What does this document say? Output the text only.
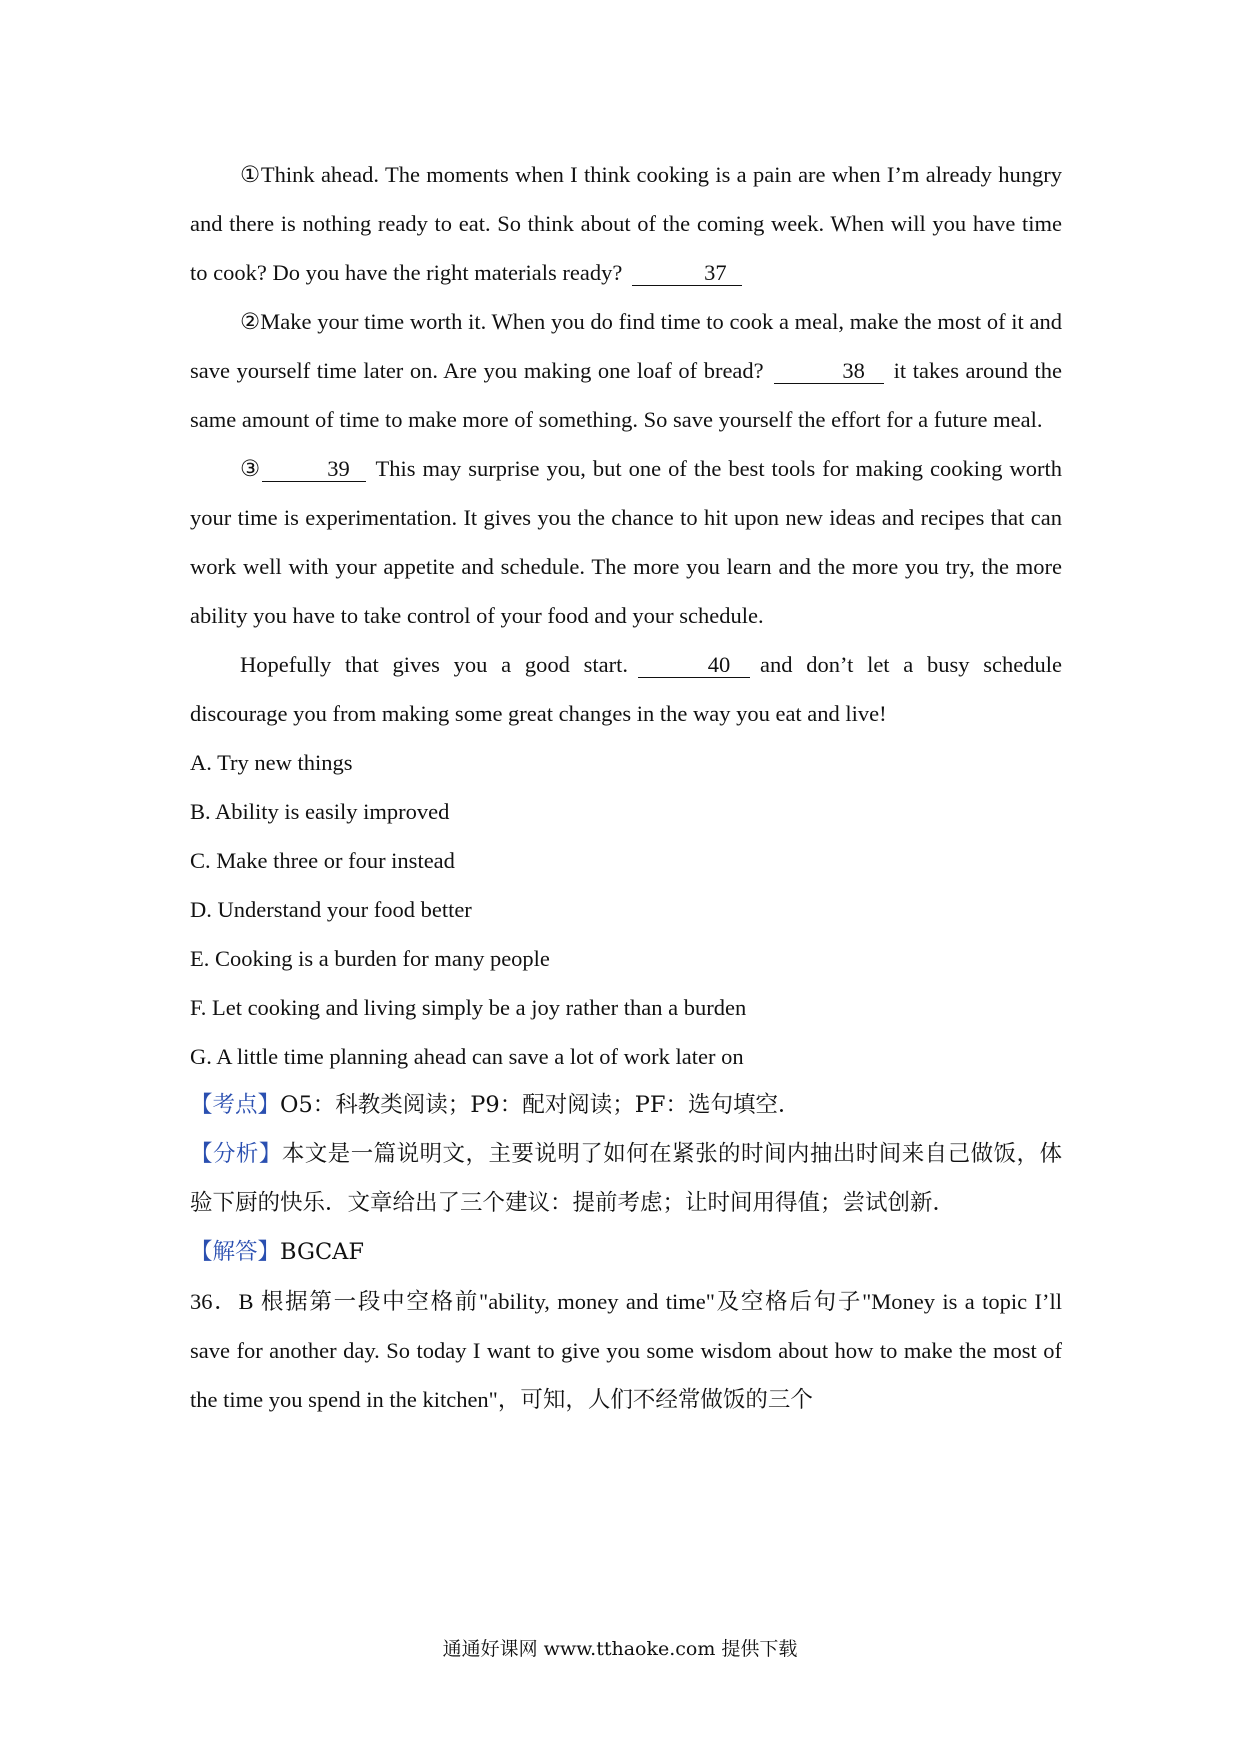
①Think ahead. The moments when I think cooking is a pain are when I’m already hungry and there is nothing ready to eat. So think about of the coming week. When will you have time to cook? Do you have the right materials ready?	37

②Make your time worth it. When you do find time to cook a meal, make the most of it and save yourself time later on. Are you making one loaf of bread?	38 it takes around the same amount of time to make more of something. So save yourself the effort for a future meal.

③	39 This may surprise you, but one of the best tools for making cooking worth your time is experimentation. It gives you the chance to hit upon new ideas and recipes that can work well with your appetite and schedule. The more you learn and the more you try, the more ability you have to take control of your food and your schedule.

Hopefully that gives you a good start.	40 and don’t let a busy schedule discourage you from making some great changes in the way you eat and live!

A. Try new things

B. Ability is easily improved

C. Make three or four instead

D. Understand your food better

E. Cooking is a burden for many people

F. Let cooking and living simply be a joy rather than a burden

G. A little time planning ahead can save a lot of work later on

【考点】O5：科教类阅读；P9：配对阅读；PF：选句填空．

【分析】本文是一篇说明文，主要说明了如何在紧张的时间内抽出时间来自己做饭，体验下厨的快乐．文章给出了三个建议：提前考虑；让时间用得值；尝试创新．

【解答】BGCAF

36．B 根据第一段中空格前"ability, money and time"及空格后句子"Money is a topic I’ll save for another day. So today I want to give you some wisdom about how to make the most of the time you spend in the kitchen"，可知，人们不经常做饭的三个

通通好课网 www.tthaoke.com 提供下载
